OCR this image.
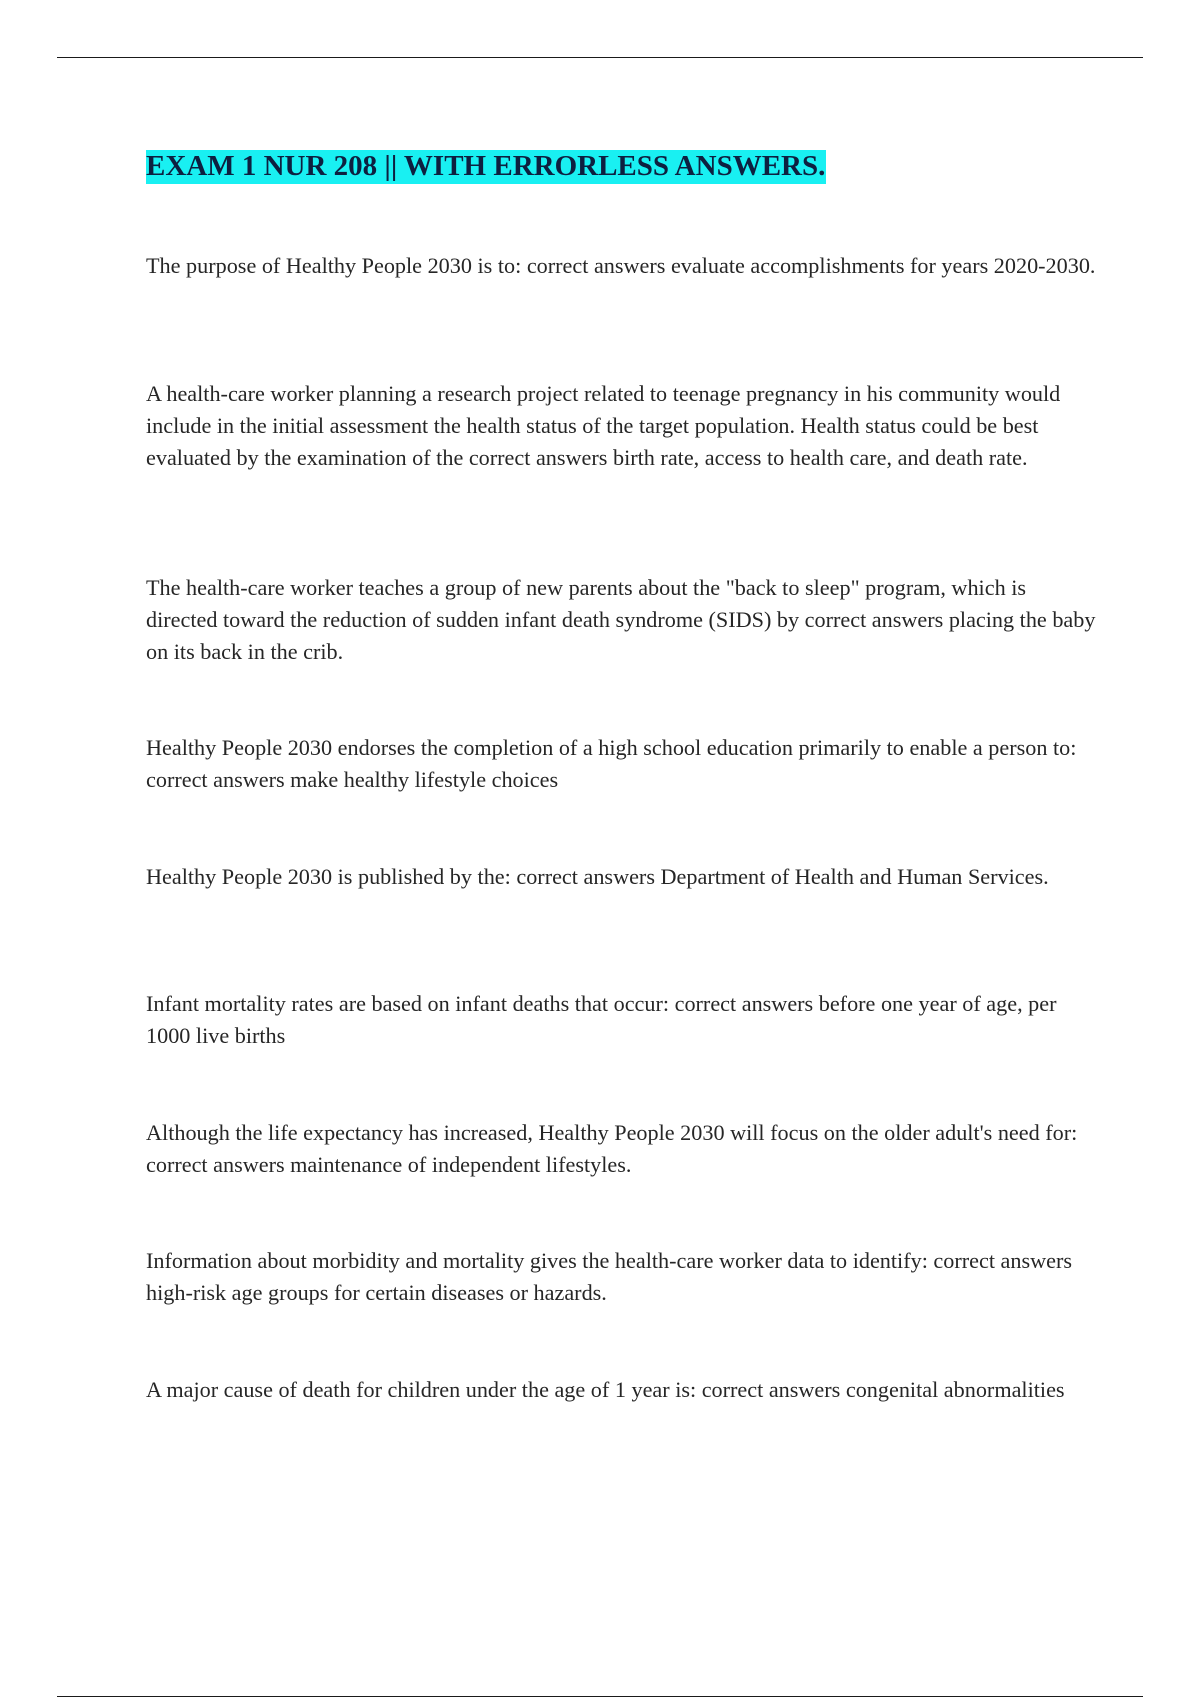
EXAM 1 NUR 208 || WITH ERRORLESS ANSWERS.

The purpose of Healthy People 2030 is to: correct answers evaluate accomplishments for years 2020-2030.

A health-care worker planning a research project related to teenage pregnancy in his community would include in the initial assessment the health status of the target population. Health status could be best evaluated by the examination of the correct answers birth rate, access to health care, and death rate.

The health-care worker teaches a group of new parents about the "back to sleep" program, which is directed toward the reduction of sudden infant death syndrome (SIDS) by correct answers placing the baby on its back in the crib.

Healthy People 2030 endorses the completion of a high school education primarily to enable a person to: correct answers make healthy lifestyle choices

Healthy People 2030 is published by the: correct answers Department of Health and Human Services.

Infant mortality rates are based on infant deaths that occur: correct answers before one year of age, per 1000 live births

Although the life expectancy has increased, Healthy People 2030 will focus on the older adult's need for: correct answers maintenance of independent lifestyles.

Information about morbidity and mortality gives the health-care worker data to identify: correct answers high-risk age groups for certain diseases or hazards.

A major cause of death for children under the age of 1 year is: correct answers congenital abnormalities
